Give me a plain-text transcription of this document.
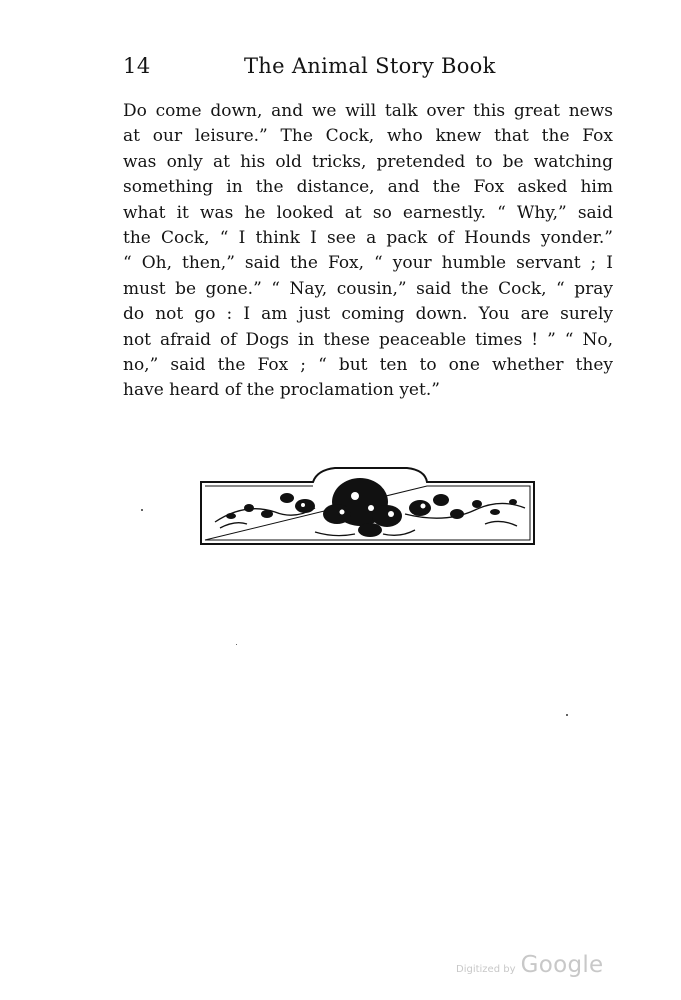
14	The Animal Story Book
Do come down, and we will talk over this great news
at our leisure.” The Cock, who knew that the Fox
was only at his old tricks, pretended to be watching
something in the distance, and the Fox asked him
what it was he looked at so earnestly. “ Why,” said
the Cock, “ I think I see a pack of Hounds yonder.”
“ Oh, then,” said the Fox, “ your humble servant ; I
must be gone.” “ Nay, cousin,” said the Cock, “ pray
do not go : I am just coming down. You are surely
not afraid of Dogs in these peaceable times ! ” “ No,
no,” said the Fox ; “ but ten to one whether they
have heard of the proclamation yet.”
Digitized by Google
